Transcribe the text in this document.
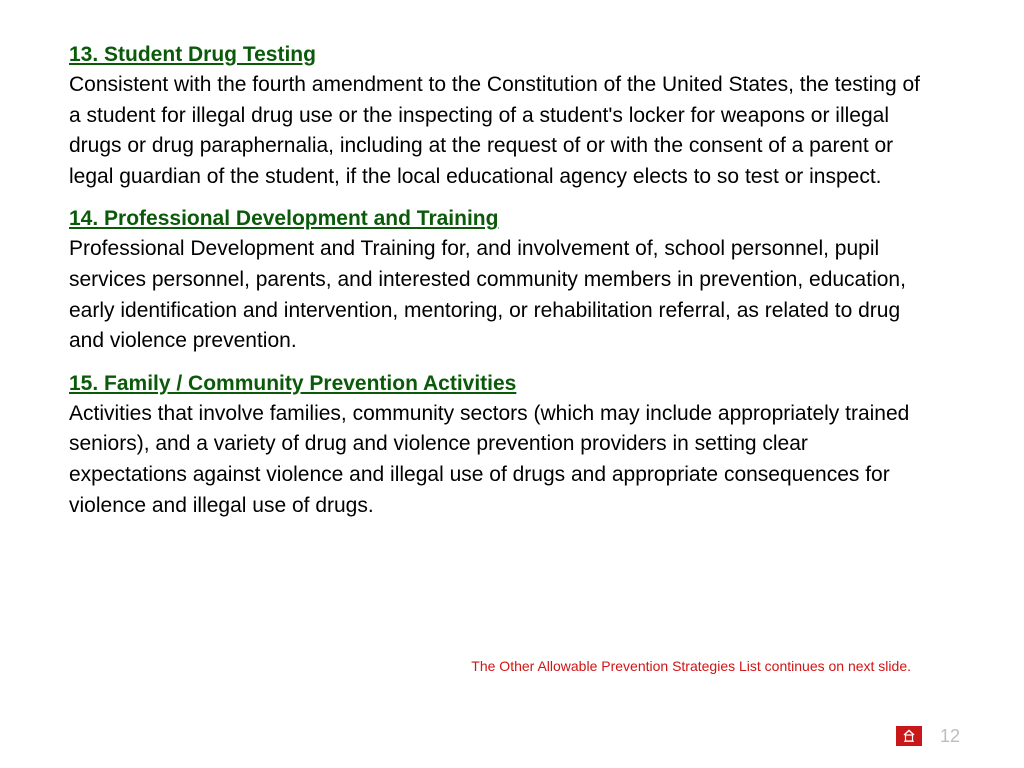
13. Student Drug Testing
Consistent with the fourth amendment to the Constitution of the United States, the testing of a student for illegal drug use or the inspecting of a student's locker for weapons or illegal drugs or drug paraphernalia, including at the request of or with the consent of a parent or legal guardian of the student, if the local educational agency elects to so test or inspect.
14. Professional Development and Training
Professional Development and Training for, and involvement of, school personnel, pupil services personnel, parents, and interested community members in prevention, education, early identification and intervention, mentoring, or rehabilitation referral, as related to drug and violence prevention.
15. Family / Community Prevention Activities
Activities that involve families, community sectors (which may include appropriately trained seniors), and a variety of drug and violence prevention providers in setting clear expectations against violence and illegal use of drugs and appropriate consequences for violence and illegal use of drugs.
The Other Allowable Prevention Strategies List continues on next slide.
12
